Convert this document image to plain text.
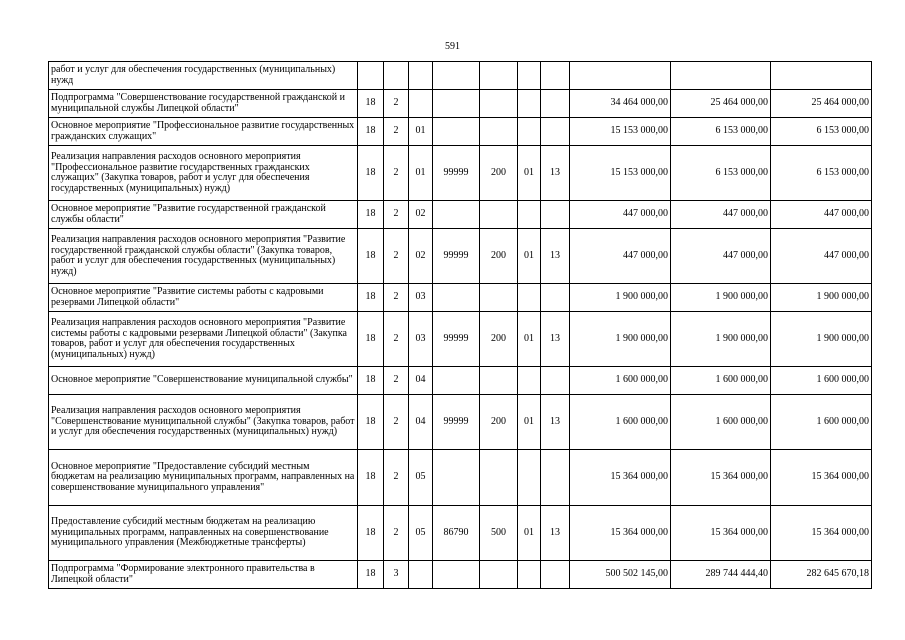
591
работ и услуг для обеспечения государственных (муниципальных) нужд										
Подпрограмма "Совершенствование государственной гражданской и муниципальной службы Липецкой области"	18	2						34 464 000,00	25 464 000,00	25 464 000,00
Основное мероприятие "Профессиональное развитие государственных гражданских служащих"	18	2	01					15 153 000,00	6 153 000,00	6 153 000,00
Реализация направления расходов основного мероприятия "Профессиональное развитие государственных гражданских служащих" (Закупка товаров, работ и услуг для обеспечения государственных (муниципальных) нужд)	18	2	01	99999	200	01	13	15 153 000,00	6 153 000,00	6 153 000,00
Основное мероприятие "Развитие государственной гражданской службы области"	18	2	02					447 000,00	447 000,00	447 000,00
Реализация направления расходов основного мероприятия "Развитие государственной гражданской службы области" (Закупка товаров, работ и услуг для обеспечения государственных (муниципальных) нужд)	18	2	02	99999	200	01	13	447 000,00	447 000,00	447 000,00
Основное мероприятие "Развитие системы работы с кадровыми резервами Липецкой области"	18	2	03					1 900 000,00	1 900 000,00	1 900 000,00
Реализация направления расходов основного мероприятия "Развитие системы работы с кадровыми резервами Липецкой области" (Закупка товаров, работ и услуг для обеспечения государственных (муниципальных) нужд)	18	2	03	99999	200	01	13	1 900 000,00	1 900 000,00	1 900 000,00
Основное мероприятие "Совершенствование муниципальной службы"	18	2	04					1 600 000,00	1 600 000,00	1 600 000,00
Реализация направления расходов основного мероприятия "Совершенствование муниципальной службы" (Закупка товаров, работ и услуг для обеспечения государственных (муниципальных) нужд)	18	2	04	99999	200	01	13	1 600 000,00	1 600 000,00	1 600 000,00
Основное мероприятие "Предоставление субсидий местным бюджетам на реализацию муниципальных программ, направленных на совершенствование муниципального управления"	18	2	05					15 364 000,00	15 364 000,00	15 364 000,00
Предоставление субсидий местным бюджетам на реализацию муниципальных программ, направленных на совершенствование муниципального управления (Межбюджетные трансферты)	18	2	05	86790	500	01	13	15 364 000,00	15 364 000,00	15 364 000,00
Подпрограмма "Формирование электронного правительства в Липецкой области"	18	3						500 502 145,00	289 744 444,40	282 645 670,18
